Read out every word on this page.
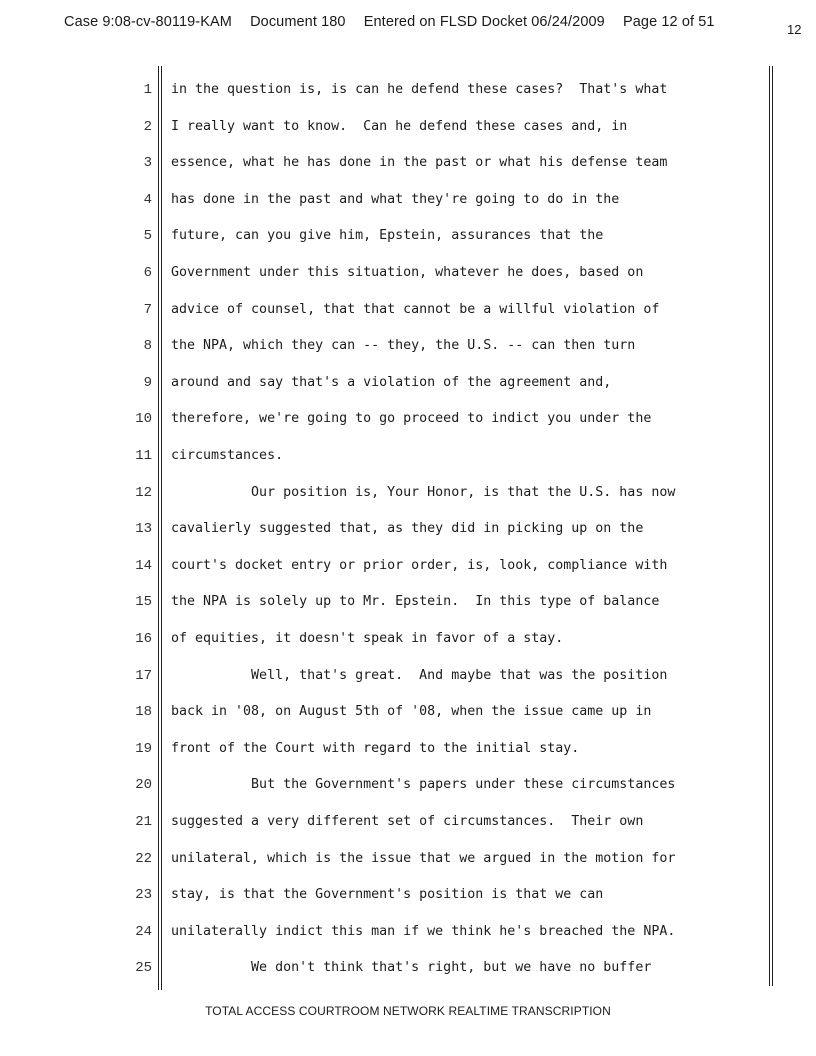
Case 9:08-cv-80119-KAM Document 180 Entered on FLSD Docket 06/24/2009 Page 12 of 51	12
1 in the question is, is can he defend these cases?  That's what
2 I really want to know.  Can he defend these cases and, in
3 essence, what he has done in the past or what his defense team
4 has done in the past and what they're going to do in the
5 future, can you give him, Epstein, assurances that the
6 Government under this situation, whatever he does, based on
7 advice of counsel, that that cannot be a willful violation of
8 the NPA, which they can -- they, the U.S. -- can then turn
9 around and say that's a violation of the agreement and,
10 therefore, we're going to go proceed to indict you under the
11 circumstances.
12 Our position is, Your Honor, is that the U.S. has now
13 cavalierly suggested that, as they did in picking up on the
14 court's docket entry or prior order, is, look, compliance with
15 the NPA is solely up to Mr. Epstein.  In this type of balance
16 of equities, it doesn't speak in favor of a stay.
17 Well, that's great.  And maybe that was the position
18 back in '08, on August 5th of '08, when the issue came up in
19 front of the Court with regard to the initial stay.
20 But the Government's papers under these circumstances
21 suggested a very different set of circumstances.  Their own
22 unilateral, which is the issue that we argued in the motion for
23 stay, is that the Government's position is that we can
24 unilaterally indict this man if we think he's breached the NPA.
25 We don't think that's right, but we have no buffer
TOTAL ACCESS COURTROOM NETWORK REALTIME TRANSCRIPTION
